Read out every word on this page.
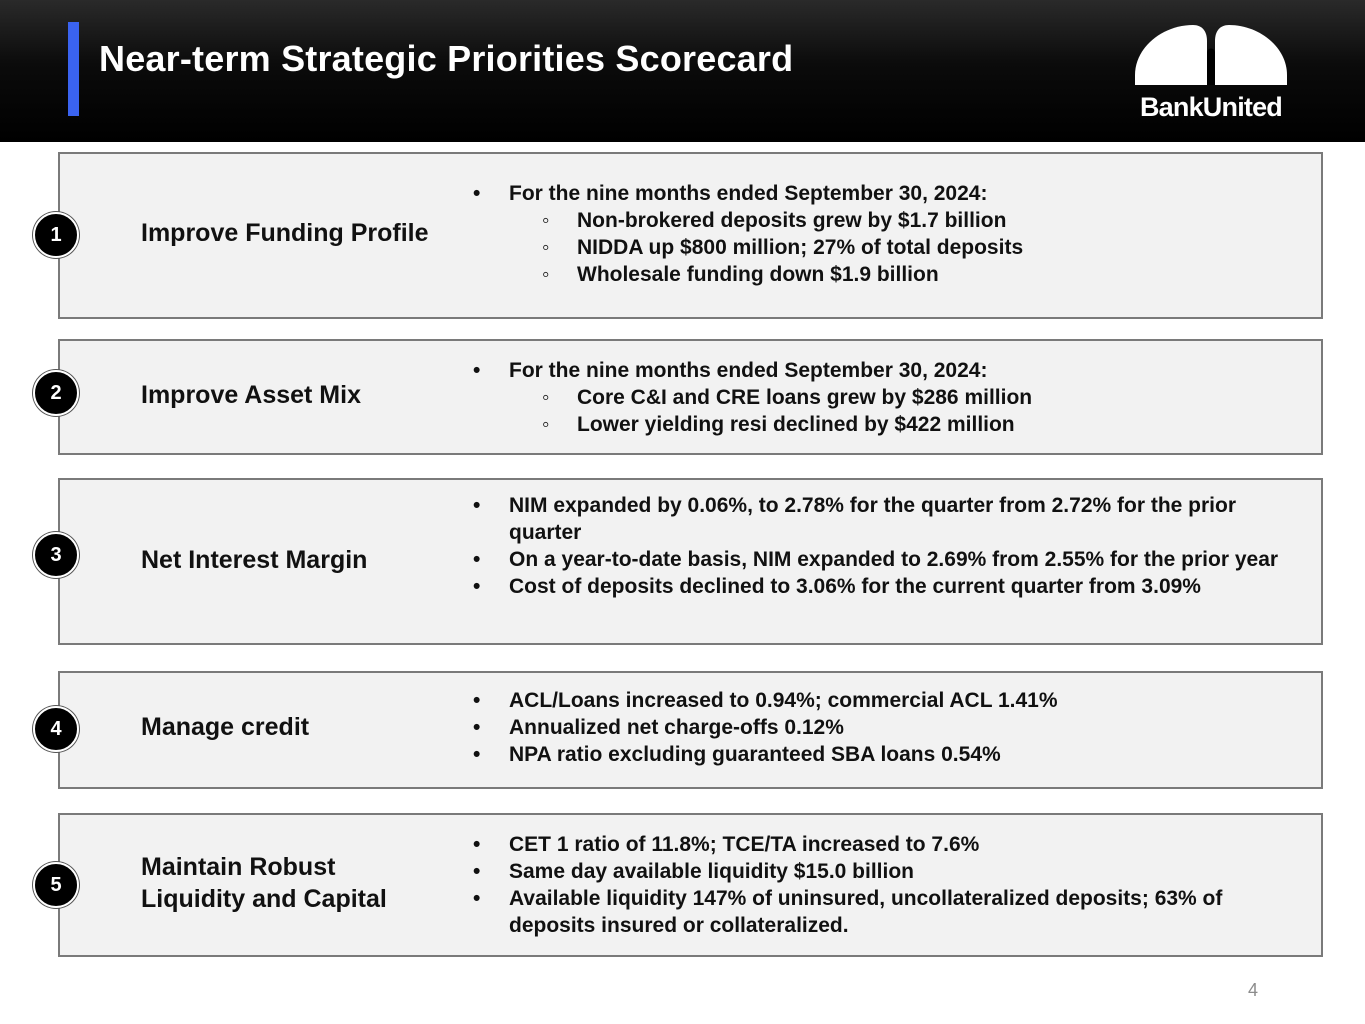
Near-term Strategic Priorities Scorecard
BankUnited
1	Improve Funding Profile
• For the nine months ended September 30, 2024:
◦ Non-brokered deposits grew by $1.7 billion
◦ NIDDA up $800 million; 27% of total deposits
◦ Wholesale funding down $1.9 billion
2	Improve Asset Mix
• For the nine months ended September 30, 2024:
◦ Core C&I and CRE loans grew by $286 million
◦ Lower yielding resi declined by $422 million
3	Net Interest Margin
• NIM expanded by 0.06%, to 2.78% for the quarter from 2.72% for the prior quarter
• On a year-to-date basis, NIM expanded to 2.69% from 2.55% for the prior year
• Cost of deposits declined to 3.06% for the current quarter from 3.09%
4	Manage credit
• ACL/Loans increased to 0.94%; commercial ACL 1.41%
• Annualized net charge-offs 0.12%
• NPA ratio excluding guaranteed SBA loans 0.54%
5
Maintain Robust Liquidity and Capital
• CET 1 ratio of 11.8%; TCE/TA increased to 7.6%
• Same day available liquidity $15.0 billion
• Available liquidity 147% of uninsured, uncollateralized deposits; 63% of deposits insured or collateralized.
4
